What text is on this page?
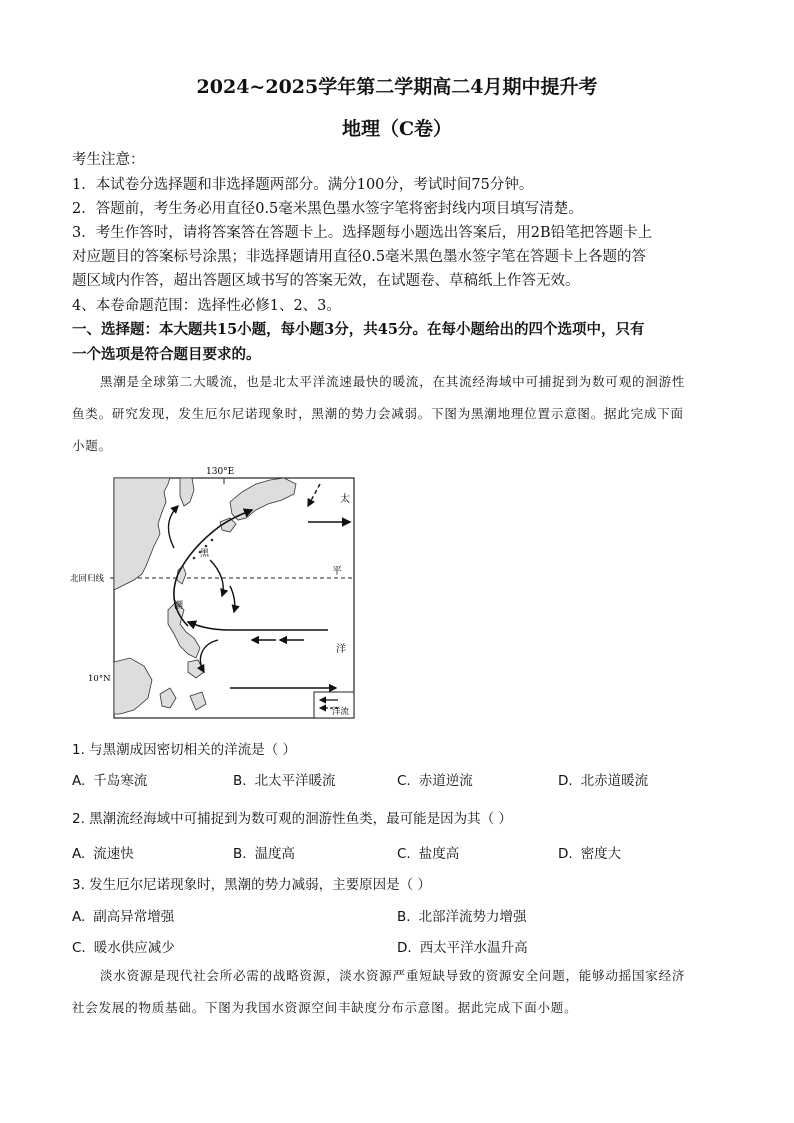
2024~2025学年第二学期高二4月期中提升考
地理（C卷）
考生注意：
1．本试卷分选择题和非选择题两部分。满分100分，考试时间75分钟。
2．答题前，考生务必用直径0.5毫米黑色墨水签字笔将密封线内项目填写清楚。
3．考生作答时，请将答案答在答题卡上。选择题每小题选出答案后，用2B铅笔把答题卡上
对应题目的答案标号涂黑；非选择题请用直径0.5毫米黑色墨水签字笔在答题卡上各题的答
题区域内作答，超出答题区域书写的答案无效，在试题卷、草稿纸上作答无效。
4、本卷命题范围：选择性必修1、2、3。
一、选择题：本大题共15小题，每小题3分，共45分。在每小题给出的四个选项中，只有
一个选项是符合题目要求的。
黑潮是全球第二大暖流，也是北太平洋流速最快的暖流，在其流经海域中可捕捉到为数可观的洄游性
鱼类。研究发现，发生厄尔尼诺现象时，黑潮的势力会减弱。下图为黑潮地理位置示意图。据此完成下面
小题。
130°E
北回归线
10°N
太
平
洋
黑
潮
洋流
1. 与黑潮成因密切相关的洋流是（ ）
A. 千岛寒流	B. 北太平洋暖流	C. 赤道逆流	D. 北赤道暖流
2. 黑潮流经海域中可捕捉到为数可观的洄游性鱼类，最可能是因为其（ ）
A. 流速快	B. 温度高	C. 盐度高	D. 密度大
3. 发生厄尔尼诺现象时，黑潮的势力减弱，主要原因是（ ）
A. 副高异常增强	B. 北部洋流势力增强
C. 暖水供应减少	D. 西太平洋水温升高
淡水资源是现代社会所必需的战略资源，淡水资源严重短缺导致的资源安全问题，能够动摇国家经济
社会发展的物质基础。下图为我国水资源空间丰缺度分布示意图。据此完成下面小题。
